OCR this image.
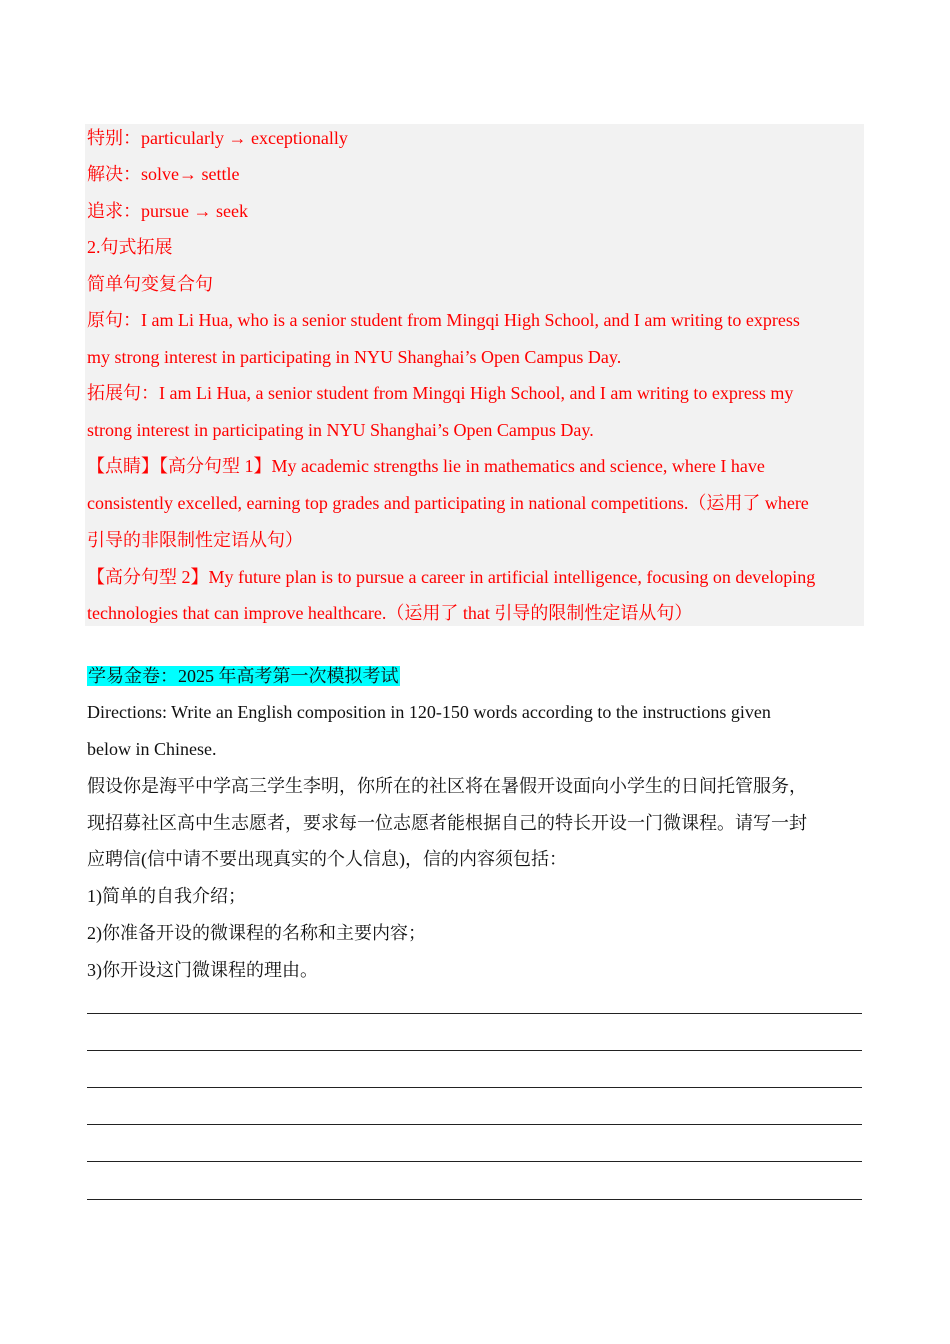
特别：particularly → exceptionally
解决：solve→ settle
追求：pursue → seek
2.句式拓展
简单句变复合句
原句：I am Li Hua, who is a senior student from Mingqi High School, and I am writing to express
my strong interest in participating in NYU Shanghai’s Open Campus Day.
拓展句：I am Li Hua, a senior student from Mingqi High School, and I am writing to express my
strong interest in participating in NYU Shanghai’s Open Campus Day.
【点睛】【高分句型 1】My academic strengths lie in mathematics and science, where I have
consistently excelled, earning top grades and participating in national competitions.（运用了 where
引导的非限制性定语从句）
【高分句型 2】My future plan is to pursue a career in artificial intelligence, focusing on developing
technologies that can improve healthcare.（运用了 that 引导的限制性定语从句）
学易金卷：2025 年高考第一次模拟考试
Directions: Write an English composition in 120-150 words according to the instructions given
below in Chinese.
假设你是海平中学高三学生李明，你所在的社区将在暑假开设面向小学生的日间托管服务，
现招募社区高中生志愿者，要求每一位志愿者能根据自己的特长开设一门微课程。请写一封
应聘信(信中请不要出现真实的个人信息)，信的内容须包括：
1)简单的自我介绍；
2)你准备开设的微课程的名称和主要内容；
3)你开设这门微课程的理由。
